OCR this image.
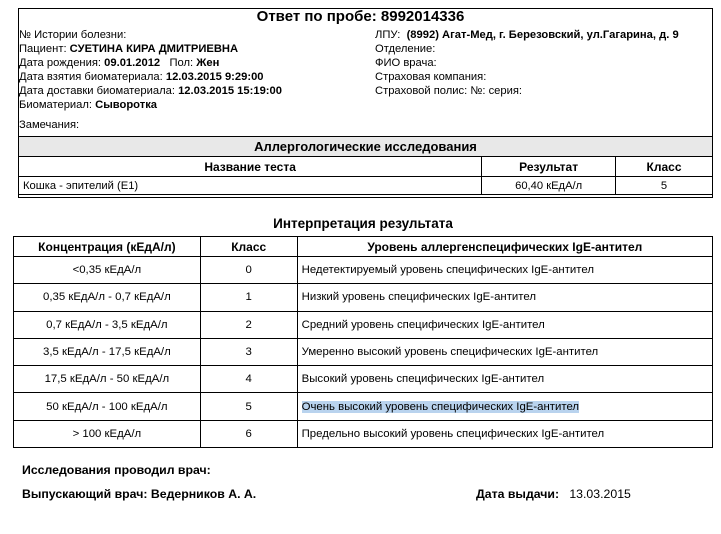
Ответ по пробе: 8992014336
№ Истории болезни:
Пациент: СУЕТИНА КИРА ДМИТРИЕВНА
Дата рождения: 09.01.2012 Пол: Жен
Дата взятия биоматериала: 12.03.2015 9:29:00
Дата доставки биоматериала: 12.03.2015 15:19:00
Биоматериал: Сыворотка
Замечания:
ЛПУ: (8992) Агат-Мед, г. Березовский, ул.Гагарина, д. 9
Отделение:
ФИО врача:
Страховая компания:
Страховой полис: №: серия:
Аллергологические исследования		
Название теста	Результат	Класс
Кошка - эпителий (E1)	60,40 кЕдА/л	5
Интерпретация результата
Концентрация (кЕдА/л)	Класс	Уровень аллергенспецифических IgE-антител
<0,35 кЕдА/л	0	Недетектируемый уровень специфических IgE-антител
0,35 кЕдА/л - 0,7 кЕдА/л	1	Низкий уровень специфических IgE-антител
0,7 кЕдА/л - 3,5 кЕдА/л	2	Средний уровень специфических IgE-антител
3,5 кЕдА/л - 17,5 кЕдА/л	3	Умеренно высокий уровень специфических IgE-антител
17,5 кЕдА/л - 50 кЕдА/л	4	Высокий уровень специфических IgE-антител
50 кЕдА/л - 100 кЕдА/л	5	Очень высокий уровень специфических IgE-антител
> 100 кЕдА/л	6	Предельно высокий уровень специфических IgE-антител
Исследования проводил врач:
Выпускающий врач: Ведерников А. А.	Дата выдачи: 13.03.2015
